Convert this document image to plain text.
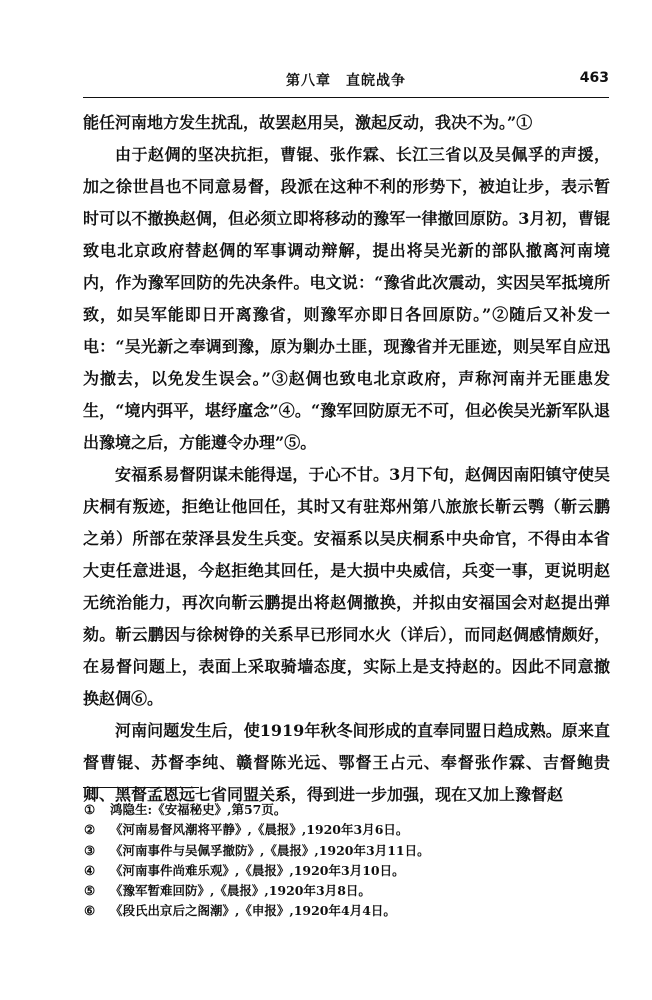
第八章　直皖战争	463

能任河南地方发生扰乱，故罢赵用吴，激起反动，我决不为。”①

由于赵倜的坚决抗拒，曹锟、张作霖、长江三省以及吴佩孚的声援，加之徐世昌也不同意易督，段派在这种不利的形势下，被迫让步，表示暂时可以不撤换赵倜，但必须立即将移动的豫军一律撤回原防。3月初，曹锟致电北京政府替赵倜的军事调动辩解，提出将吴光新的部队撤离河南境内，作为豫军回防的先决条件。电文说：“豫省此次震动，实因吴军抵境所致，如吴军能即日开离豫省，则豫军亦即日各回原防。”②随后又补发一电：“吴光新之奉调到豫，原为剿办土匪，现豫省并无匪迹，则吴军自应迅为撤去，以免发生误会。”③赵倜也致电北京政府，声称河南并无匪患发生，“境内弭平，堪纾廑念”④。“豫军回防原无不可，但必俟吴光新军队退出豫境之后，方能遵令办理”⑤。

安福系易督阴谋未能得逞，于心不甘。3月下旬，赵倜因南阳镇守使吴庆桐有叛迹，拒绝让他回任，其时又有驻郑州第八旅旅长靳云鹗（靳云鹏之弟）所部在荥泽县发生兵变。安福系以吴庆桐系中央命官，不得由本省大吏任意进退，今赵拒绝其回任，是大损中央威信，兵变一事，更说明赵无统治能力，再次向靳云鹏提出将赵倜撤换，并拟由安福国会对赵提出弹劾。靳云鹏因与徐树铮的关系早已形同水火（详后），而同赵倜感情颇好，在易督问题上，表面上采取骑墙态度，实际上是支持赵的。因此不同意撤换赵倜⑥。

河南问题发生后，使1919年秋冬间形成的直奉同盟日趋成熟。原来直督曹锟、苏督李纯、赣督陈光远、鄂督王占元、奉督张作霖、吉督鲍贵卿、黑督孟恩远七省同盟关系，得到进一步加强，现在又加上豫督赵

①	鸿隐生:《安福秘史》,第57页。
②	《河南易督风潮将平静》,《晨报》,1920年3月6日。
③	《河南事件与吴佩孚撤防》,《晨报》,1920年3月11日。
④	《河南事件尚难乐观》,《晨报》,1920年3月10日。
⑤	《豫军暂难回防》,《晨报》,1920年3月8日。
⑥	《段氏出京后之阁潮》,《申报》,1920年4月4日。
